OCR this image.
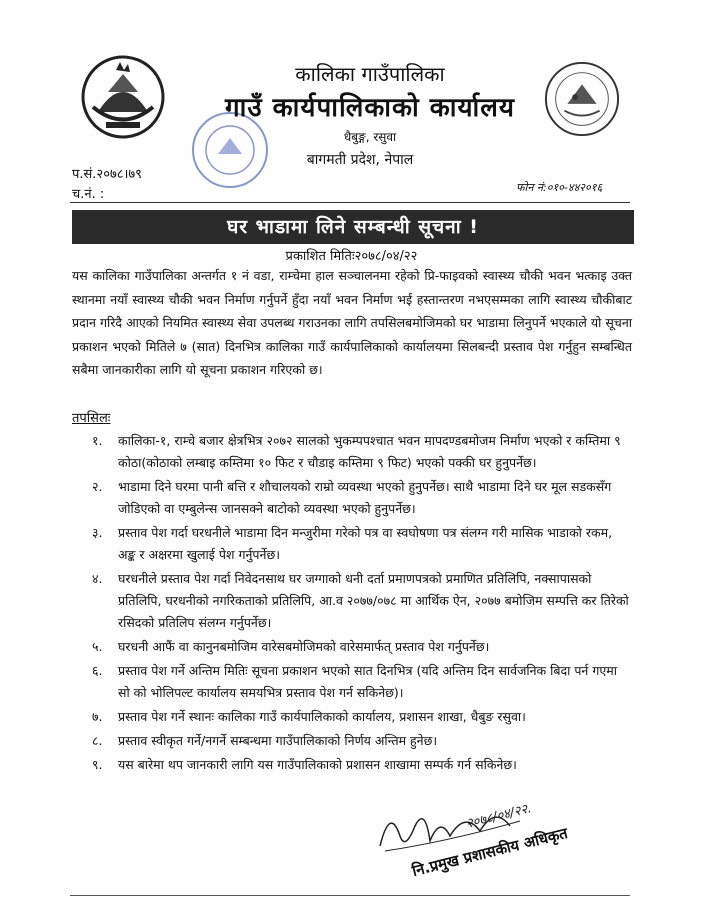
कालिका गाउँपालिका
गाउँ कार्यपालिकाको कार्यालय
धैबुङ्ग, रसुवा
बागमती प्रदेश, नेपाल
प.सं.२०७८।७९
च.नं. :	फोन नं:०१०-४४२०१६
घर भाडामा लिने सम्बन्धी सूचना !
प्रकाशित मितिः२०७८/०४/२२
यस कालिका गाउँपालिका अन्तर्गत १ नं वडा, राम्चेमा हाल सञ्चालनमा रहेको प्रि-फाइवको स्वास्थ्य चौकी भवन भत्काइ उक्त स्थानमा नयाँ स्वास्थ्य चौकी भवन निर्माण गर्नुपर्ने हुँदा नयाँ भवन निर्माण भई हस्तान्तरण नभएसम्मका लागि स्वास्थ्य चौकीबाट प्रदान गरिदै आएको नियमित स्वास्थ्य सेवा उपलब्ध गराउनका लागि तपसिलबमोजिमको घर भाडामा लिनुपर्ने भएकाले यो सूचना प्रकाशन भएको मितिले ७ (सात) दिनभित्र कालिका गाउँ कार्यपालिकाको कार्यालयमा सिलबन्दी प्रस्ताव पेश गर्नुहुन सम्बन्धित सबैमा जानकारीका लागि यो सूचना प्रकाशन गरिएको छ।
तपसिलः
१.	कालिका-१, राम्चे बजार क्षेत्रभित्र २०७२ सालको भुकम्पपश्चात भवन मापदण्डबमोजम निर्माण भएको र कम्तिमा ९ कोठा(कोठाको लम्बाइ कम्तिमा १० फिट र चौडाइ कम्तिमा ९ फिट) भएको पक्की घर हुनुपर्नेछ।
२.	भाडामा दिने घरमा पानी बत्ति र शौचालयको राम्रो व्यवस्था भएको हुनुपर्नेछ। साथै भाडामा दिने घर मूल सडकसँग जोडिएको वा एम्बुलेन्स जानसक्ने बाटोको व्यवस्था भएको हुनुपर्नेछ।
३.	प्रस्ताव पेश गर्दा घरधनीले भाडामा दिन मन्जुरीमा गरेको पत्र वा स्वघोषणा पत्र संलग्न गरी मासिक भाडाको रकम, अङ्क र अक्षरमा खुलाई पेश गर्नुपर्नेछ।
४.	घरधनीले प्रस्ताव पेश गर्दा निवेदनसाथ घर जग्गाको धनी दर्ता प्रमाणपत्रको प्रमाणित प्रतिलिपि, नक्सापासको प्रतिलिपि, घरधनीको नगरिकताको प्रतिलिपि, आ.व २०७७/०७८ मा आर्थिक ऐन, २०७७ बमोजिम सम्पत्ति कर तिरेको रसिदको प्रतिलिप संलग्न गर्नुपर्नेछ।
५.	घरधनी आफैं वा कानुनबमोजिम वारेसबमोजिमको वारेसमार्फत् प्रस्ताव पेश गर्नुपर्नेछ।
६.	प्रस्ताव पेश गर्ने अन्तिम मितिः सूचना प्रकाशन भएको सात दिनभित्र (यदि अन्तिम दिन सार्वजनिक बिदा पर्न गएमा सो को भोलिपल्ट कार्यालय समयभित्र प्रस्ताव पेश गर्न सकिनेछ)।
७.	प्रस्ताव पेश गर्ने स्थानः कालिका गाउँ कार्यपालिकाको कार्यालय, प्रशासन शाखा, धैबुङ रसुवा।
८.	प्रस्ताव स्वीकृत गर्ने/नगर्ने सम्बन्धमा गाउँपालिकाको निर्णय अन्तिम हुनेछ।
९.	यस बारेमा थप जानकारी लागि यस गाउँपालिकाको प्रशासन शाखामा सम्पर्क गर्न सकिनेछ।
२०७८/०४/२२.
नि.प्रमुख प्रशासकीय अधिकृत
